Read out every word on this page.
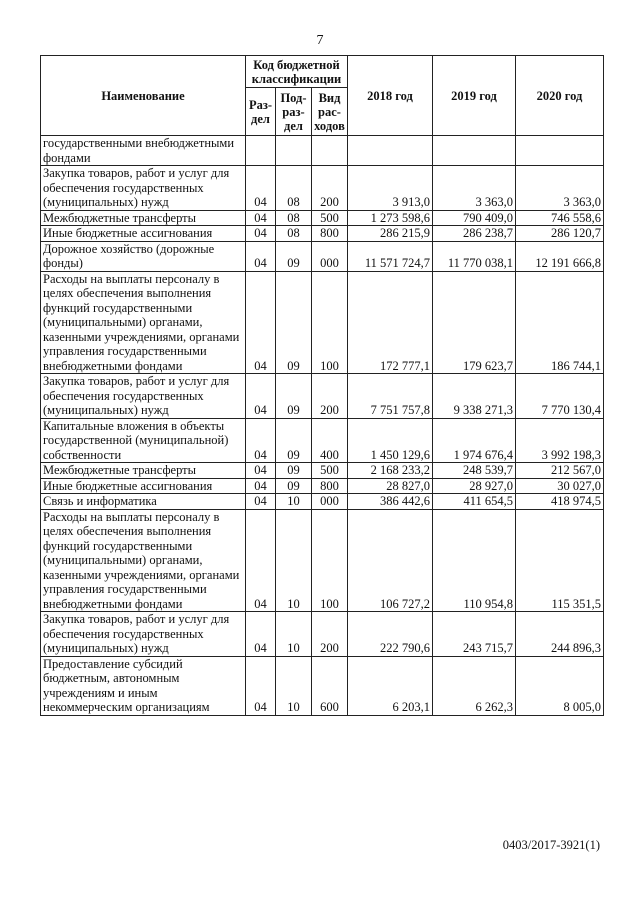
7
Наименование	Код бюджетной классификации			2018 год	2019 год	2020 год
	Раз- дел	Под- раз- дел	Вид рас- ходов			
государственными внебюджетными фондами						
Закупка товаров, работ и услуг для обеспечения государственных (муниципальных) нужд	04	08	200	3 913,0	3 363,0	3 363,0
Межбюджетные трансферты	04	08	500	1 273 598,6	790 409,0	746 558,6
Иные бюджетные ассигнования	04	08	800	286 215,9	286 238,7	286 120,7
Дорожное хозяйство (дорожные фонды)	04	09	000	11 571 724,7	11 770 038,1	12 191 666,8
Расходы на выплаты персоналу в целях обеспечения выполнения функций государственными (муниципальными) органами, казенными учреждениями, органами управления государственными внебюджетными фондами	04	09	100	172 777,1	179 623,7	186 744,1
Закупка товаров, работ и услуг для обеспечения государственных (муниципальных) нужд	04	09	200	7 751 757,8	9 338 271,3	7 770 130,4
Капитальные вложения в объекты государственной (муниципальной) собственности	04	09	400	1 450 129,6	1 974 676,4	3 992 198,3
Межбюджетные трансферты	04	09	500	2 168 233,2	248 539,7	212 567,0
Иные бюджетные ассигнования	04	09	800	28 827,0	28 927,0	30 027,0
Связь и информатика	04	10	000	386 442,6	411 654,5	418 974,5
Расходы на выплаты персоналу в целях обеспечения выполнения функций государственными (муниципальными) органами, казенными учреждениями, органами управления государственными внебюджетными фондами	04	10	100	106 727,2	110 954,8	115 351,5
Закупка товаров, работ и услуг для обеспечения государственных (муниципальных) нужд	04	10	200	222 790,6	243 715,7	244 896,3
Предоставление субсидий бюджетным, автономным учреждениям и иным некоммерческим организациям	04	10	600	6 203,1	6 262,3	8 005,0
0403/2017-3921(1)
